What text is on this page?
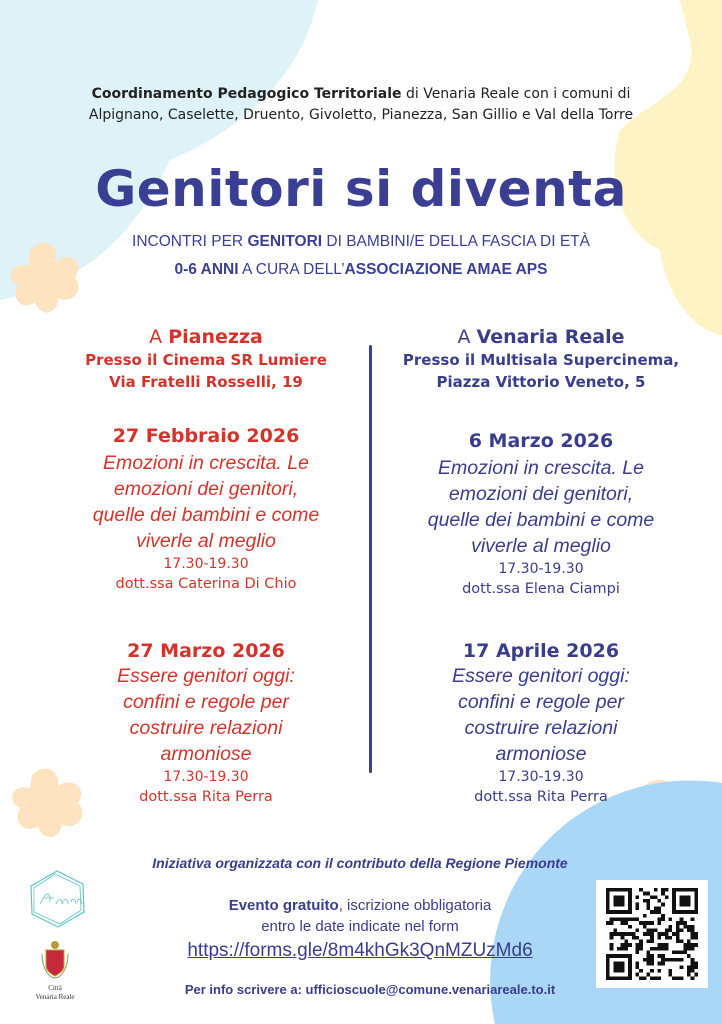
Coordinamento Pedagogico Territoriale di Venaria Reale con i comuni di
Alpignano, Caselette, Druento, Givoletto, Pianezza, San Gillio e Val della Torre
Genitori si diventa
INCONTRI PER GENITORI DI BAMBINI/E DELLA FASCIA DI ETÀ
0-6 ANNI A CURA DELL’ASSOCIAZIONE AMAE APS
A Pianezza
Presso il Cinema SR Lumiere
Via Fratelli Rosselli, 19
27 Febbraio 2026
Emozioni in crescita. Le
emozioni dei genitori,
quelle dei bambini e come
viverle al meglio
17.30-19.30
dott.ssa Caterina Di Chio
27 Marzo 2026
Essere genitori oggi:
confini e regole per
costruire relazioni
armoniose
17.30-19.30
dott.ssa Rita Perra
A Venaria Reale
Presso il Multisala Supercinema,
Piazza Vittorio Veneto, 5
6 Marzo 2026
Emozioni in crescita. Le
emozioni dei genitori,
quelle dei bambini e come
viverle al meglio
17.30-19.30
dott.ssa Elena Ciampi
17 Aprile 2026
Essere genitori oggi:
confini e regole per
costruire relazioni
armoniose
17.30-19.30
dott.ssa Rita Perra
Iniziativa organizzata con il contributo della Regione Piemonte
Evento gratuito, iscrizione obbligatoria
entro le date indicate nel form
https://forms.gle/8m4khGk3QnMZUzMd6
Per info scrivere a: ufficioscuole@comune.venariareale.to.it
Città
Venaria Reale
